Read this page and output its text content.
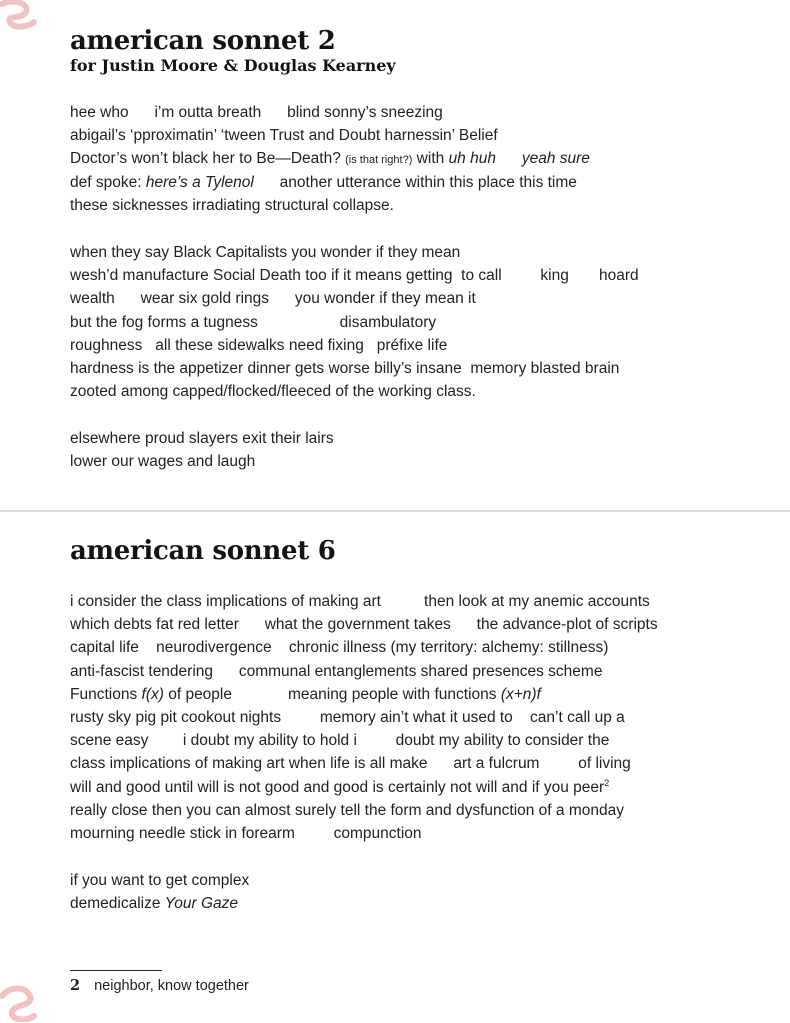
american sonnet 2
for Justin Moore & Douglas Kearney
hee who      i’m outta breath      blind sonny’s sneezing
abigail’s ‘pproximatin’ ‘tween Trust and Doubt harnessin’ Belief
Doctor’s won’t black her to Be—Death? (is that right?) with uh huh yeah sure
def spoke: here’s a Tylenol      another utterance within this place this time
these sicknesses irradiating structural collapse.
when they say Black Capitalists you wonder if they mean
wesh’d manufacture Social Death too if it means getting  to call         king       hoard
wealth      wear six gold rings      you wonder if they mean it
but the fog forms a tugness                   disambulatory
roughness   all these sidewalks need fixing   préfixe life
hardness is the appetizer dinner gets worse billy’s insane  memory blasted brain
zooted among capped/flocked/fleeced of the working class.
elsewhere proud slayers exit their lairs
lower our wages and laugh
american sonnet 6
i consider the class implications of making art          then look at my anemic accounts
which debts fat red letter      what the government takes      the advance-plot of scripts
capital life    neurodivergence    chronic illness (my territory: alchemy: stillness)
anti-fascist tendering      communal entanglements shared presences scheme
Functions f(x) of people             meaning people with functions (x+n)f
rusty sky pig pit cookout nights         memory ain’t what it used to    can’t call up a
scene easy        i doubt my ability to hold i         doubt my ability to consider the
class implications of making art when life is all make      art a fulcrum         of living
will and good until will is not good and good is certainly not will and if you peer$^2$
really close then you can almost surely tell the form and dysfunction of a monday
mourning needle stick in forearm         compunction
if you want to get complex
demedicalize Your Gaze
2 neighbor, know together
